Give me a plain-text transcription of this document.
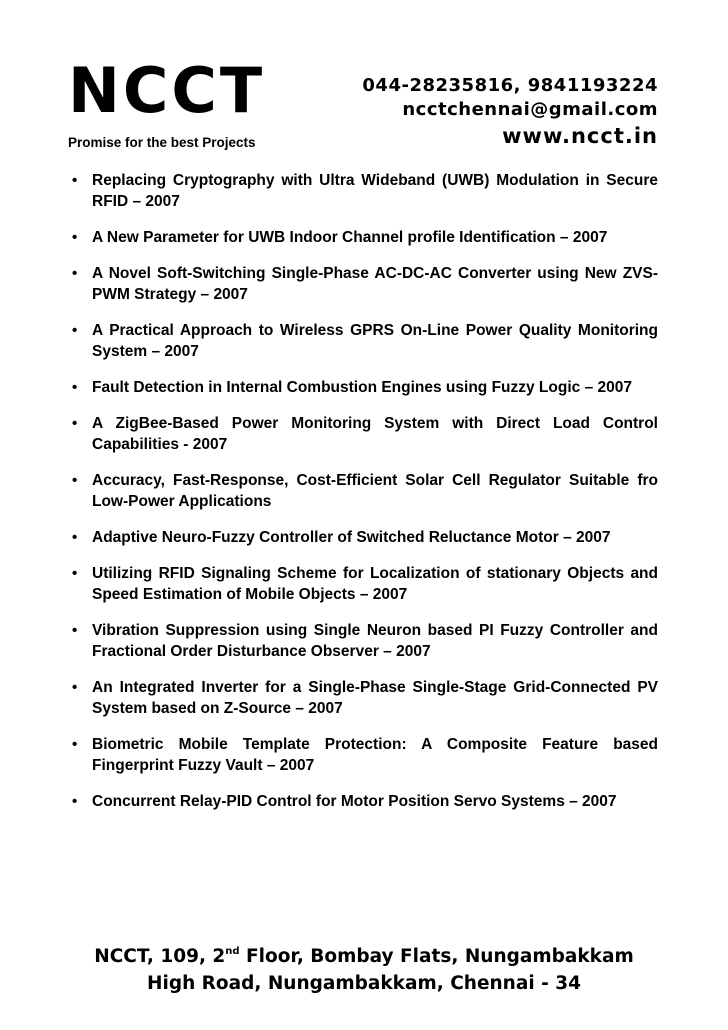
NCCT
Promise for the best Projects
044-28235816, 9841193224
ncctchennai@gmail.com
www.ncct.in
• Replacing Cryptography with Ultra Wideband (UWB) Modulation in Secure RFID – 2007
• A New Parameter for UWB Indoor Channel profile Identification – 2007
• A Novel Soft-Switching Single-Phase AC-DC-AC Converter using New ZVS-PWM Strategy – 2007
• A Practical Approach to Wireless GPRS On-Line Power Quality Monitoring System – 2007
• Fault Detection in Internal Combustion Engines using Fuzzy Logic – 2007
• A ZigBee-Based Power Monitoring System with Direct Load Control Capabilities - 2007
• Accuracy, Fast-Response, Cost-Efficient Solar Cell Regulator Suitable fro Low-Power Applications
• Adaptive Neuro-Fuzzy Controller of Switched Reluctance Motor – 2007
• Utilizing RFID Signaling Scheme for Localization of stationary Objects and Speed Estimation of Mobile Objects – 2007
• Vibration Suppression using Single Neuron based PI Fuzzy Controller and Fractional Order Disturbance Observer – 2007
• An Integrated Inverter for a Single-Phase Single-Stage Grid-Connected PV System based on Z-Source – 2007
• Biometric Mobile Template Protection: A Composite Feature based Fingerprint Fuzzy Vault – 2007
• Concurrent Relay-PID Control for Motor Position Servo Systems – 2007
NCCT, 109, 2nd Floor, Bombay Flats, Nungambakkam
High Road, Nungambakkam, Chennai - 34
